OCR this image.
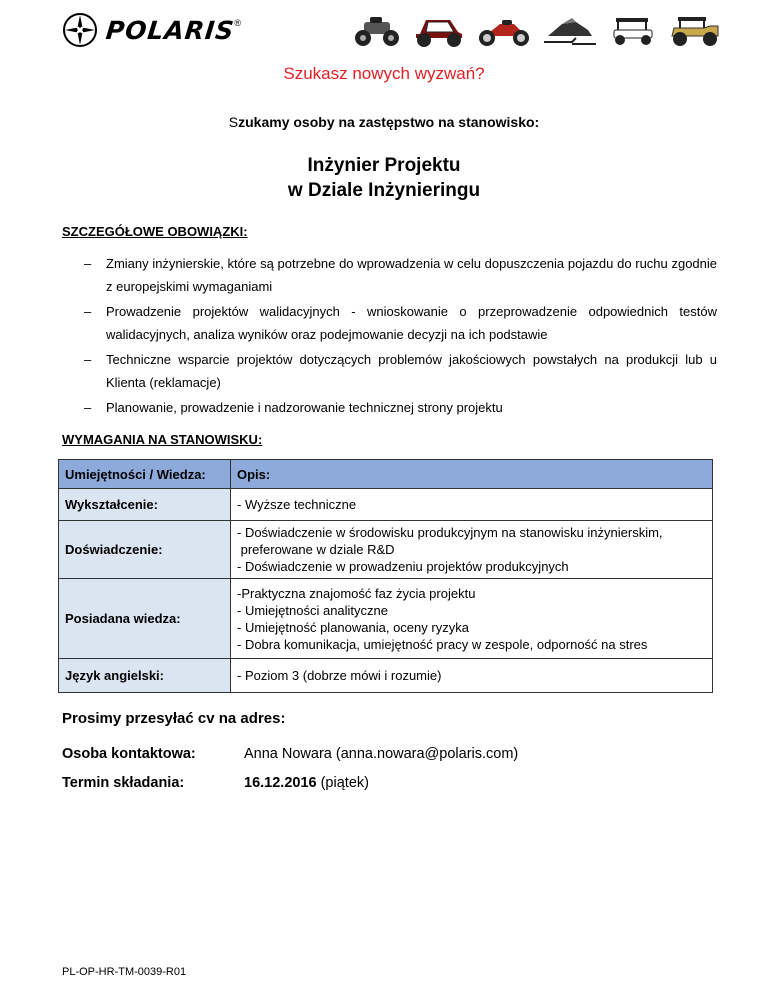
POLARIS
®
Szukasz nowych wyzwań?
Szukamy osoby na zastępstwo na stanowisko:
Inżynier Projektu
w Dziale Inżynieringu
SZCZEGÓŁOWE OBOWIĄZKI:
– Zmiany inżynierskie, które są potrzebne do wprowadzenia w celu dopuszczenia pojazdu do ruchu zgodnie z europejskimi wymaganiami
– Prowadzenie projektów walidacyjnych - wnioskowanie o przeprowadzenie odpowiednich testów walidacyjnych, analiza wyników oraz podejmowanie decyzji na ich podstawie
– Techniczne wsparcie projektów dotyczących problemów jakościowych powstałych na produkcji lub u Klienta (reklamacje)
– Planowanie, prowadzenie i nadzorowanie technicznej strony projektu
WYMAGANIA NA STANOWISKU:
Umiejętności / Wiedza:	Opis:
Wykształcenie:	- Wyższe techniczne

Doświadczenie:	- Doświadczenie w środowisku produkcyjnym na stanowisku inżynierskim,
preferowane w dziale R&D
- Doświadczenie w prowadzeniu projektów produkcyjnych

Posiadana wiedza:	-Praktyczna znajomość faz życia projektu
- Umiejętności analityczne
- Umiejętność planowania, oceny ryzyka
- Dobra komunikacja, umiejętność pracy w zespole, odporność na stres

Język angielski:	- Poziom 3 (dobrze mówi i rozumie)
Prosimy przesyłać cv na adres:
Osoba kontaktowa:	Anna Nowara (anna.nowara@polaris.com)
Termin składania:	16.12.2016 (piątek)
PL-OP-HR-TM-0039-R01
